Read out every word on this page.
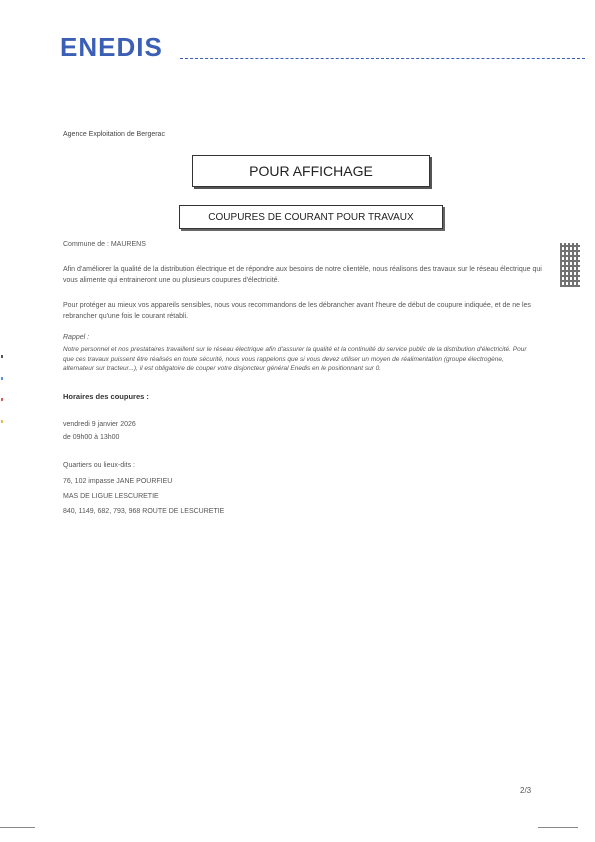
ENEDIS
Agence Exploitation de Bergerac
POUR AFFICHAGE
COUPURES DE COURANT POUR TRAVAUX
Commune de : MAURENS
Afin d'améliorer la qualité de la distribution électrique et de répondre aux besoins de notre clientèle, nous réalisons des travaux sur le réseau électrique qui vous alimente qui entraineront une ou plusieurs coupures d'électricité.
Pour protéger au mieux vos appareils sensibles, nous vous recommandons de les débrancher avant l'heure de début de coupure indiquée, et de ne les rebrancher qu'une fois le courant rétabli.
Rappel :
Notre personnel et nos prestataires travaillent sur le réseau électrique afin d'assurer la qualité et la continuité du service public de la distribution d'électricité. Pour que ces travaux puissent être réalisés en toute sécurité, nous vous rappelons que si vous devez utiliser un moyen de réalimentation (groupe électrogène, alternateur sur tracteur...), il est obligatoire de couper votre disjoncteur général Enedis en le positionnant sur 0.
Horaires des coupures :
vendredi 9 janvier 2026
de 09h00 à 13h00
Quartiers ou lieux-dits :
76, 102 impasse JANE POURFIEU
MAS DE LIGUE LESCURETIE
840, 1149, 682, 793, 968 ROUTE DE LESCURETIE
2/3
